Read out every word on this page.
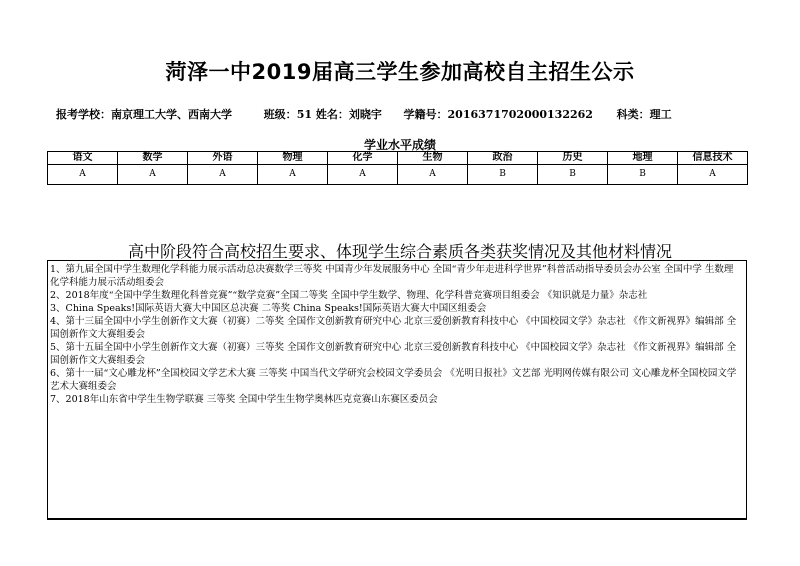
菏泽一中2019届高三学生参加高校自主招生公示
报考学校：南京理工大学、西南大学	班级：51 姓名：刘晓宇 学籍号：2016371702000132262 科类：理工
学业水平成绩
语文	数学	外语	物理	化学	生物	政治	历史	地理	信息技术
A	A	A	A	A	A	B	B	B	A
高中阶段符合高校招生要求、体现学生综合素质各类获奖情况及其他材料情况
1、第九届全国中学生数理化学科能力展示活动总决赛数学三等奖 中国青少年发展服务中心 全国“青少年走进科学世界”科普活动指导委员会办公室 全国中学 生数理化学科能力展示活动组委会
2、2018年度“全国中学生数理化科普竞赛”“数学竞赛”全国二等奖 全国中学生数学、物理、化学科普竞赛项目组委会 《知识就是力量》杂志社
3、China Speaks!国际英语大赛大中国区总决赛 二等奖 China Speaks!国际英语大赛大中国区组委会
4、第十三届全国中小学生创新作文大赛（初赛）二等奖 全国作文创新教育研究中心 北京三爱创新教育科技中心 《中国校园文学》杂志社 《作文新视界》编辑部 全国创新作文大赛组委会
5、第十五届全国中小学生创新作文大赛（初赛）三等奖 全国作文创新教育研究中心 北京三爱创新教育科技中心 《中国校园文学》杂志社 《作文新视界》编辑部 全国创新作文大赛组委会
6、第十一届“文心雕龙杯”全国校园文学艺术大赛 三等奖 中国当代文学研究会校园文学委员会 《光明日报社》文艺部 光明网传媒有限公司 文心雕龙杯全国校园文学艺术大赛组委会
7、2018年山东省中学生生物学联赛 三等奖 全国中学生生物学奥林匹克竞赛山东赛区委员会
